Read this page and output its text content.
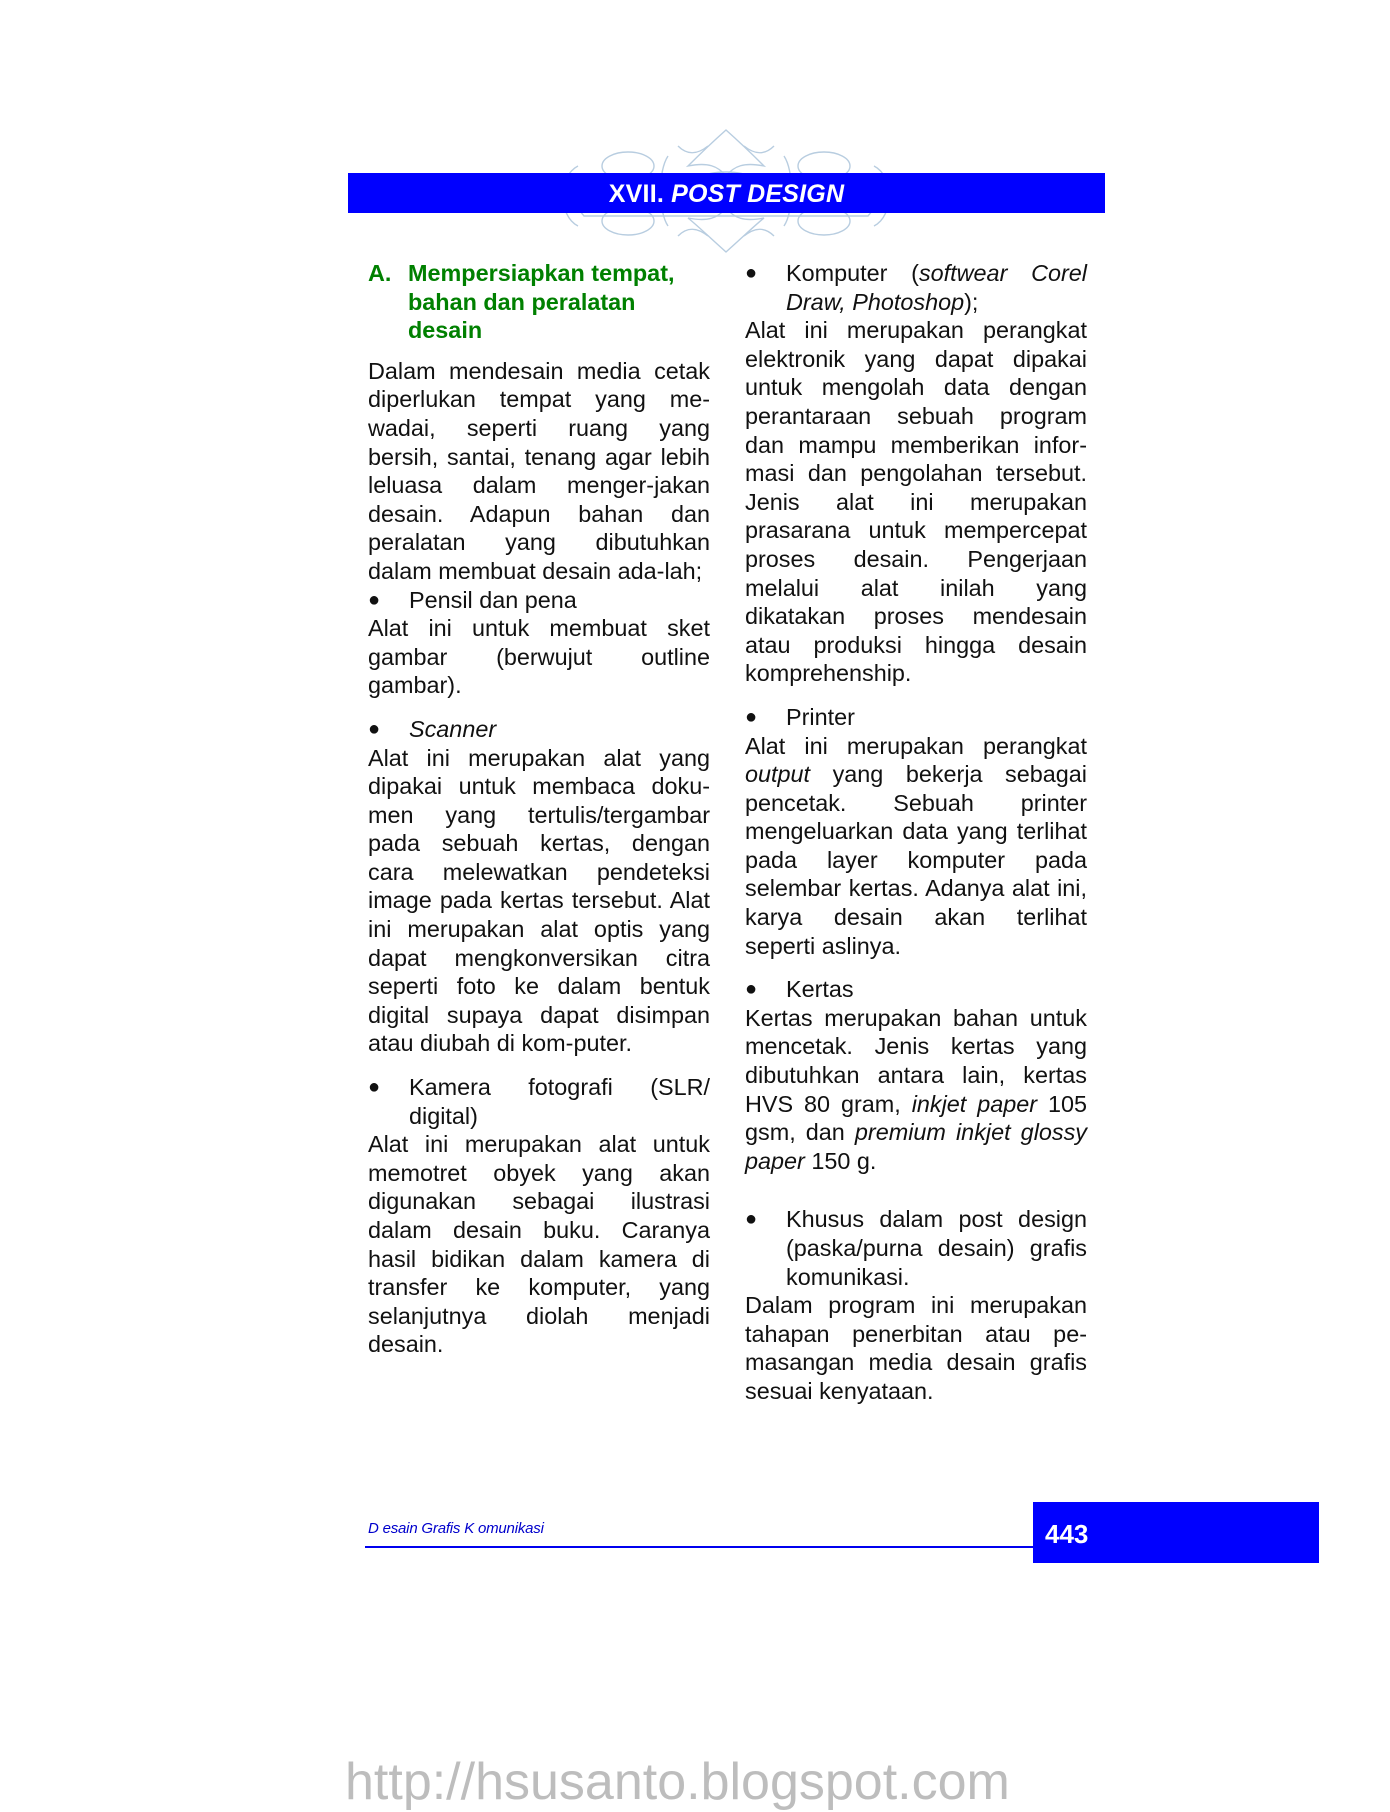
XVII. POST DESIGN
A. Mempersiapkan tempat, bahan dan peralatan desain

Dalam mendesain media cetak diperlukan tempat yang me-wadai, seperti ruang yang bersih, santai, tenang agar lebih leluasa dalam menger-jakan desain. Adapun bahan dan peralatan yang dibutuhkan dalam membuat desain ada-lah;

●	Pensil dan pena

Alat ini untuk membuat sket gambar (berwujut outline gambar).

●	Scanner

Alat ini merupakan alat yang dipakai untuk membaca doku-men yang tertulis/tergambar pada sebuah kertas, dengan cara melewatkan pendeteksi image pada kertas tersebut. Alat ini merupakan alat optis yang dapat mengkonversikan citra seperti foto ke dalam bentuk digital supaya dapat disimpan atau diubah di kom-puter.

●	Kamera fotografi (SLR/ digital)

Alat ini merupakan alat untuk memotret obyek yang akan digunakan sebagai ilustrasi dalam desain buku. Caranya hasil bidikan dalam kamera di transfer ke komputer, yang selanjutnya diolah menjadi desain.

●	Komputer (softwear Corel Draw, Photoshop);

Alat ini merupakan perangkat elektronik yang dapat dipakai untuk mengolah data dengan perantaraan sebuah program dan mampu memberikan infor-masi dan pengolahan tersebut. Jenis alat ini merupakan prasarana untuk mempercepat proses desain. Pengerjaan melalui alat inilah yang dikatakan proses mendesain atau produksi hingga desain komprehenship.

●	Printer

Alat ini merupakan perangkat output yang bekerja sebagai pencetak. Sebuah printer mengeluarkan data yang terlihat pada layer komputer pada selembar kertas. Adanya alat ini, karya desain akan terlihat seperti aslinya.

●	Kertas

Kertas merupakan bahan untuk mencetak. Jenis kertas yang dibutuhkan antara lain, kertas HVS 80 gram, inkjet paper 105 gsm, dan premium inkjet glossy paper 150 g.

●	Khusus dalam post design (paska/purna desain) grafis komunikasi.

Dalam program ini merupakan tahapan penerbitan atau pe-masangan media desain grafis sesuai kenyataan.

D esain Grafis K omunikasi	443
http://hsusanto.blogspot.com
